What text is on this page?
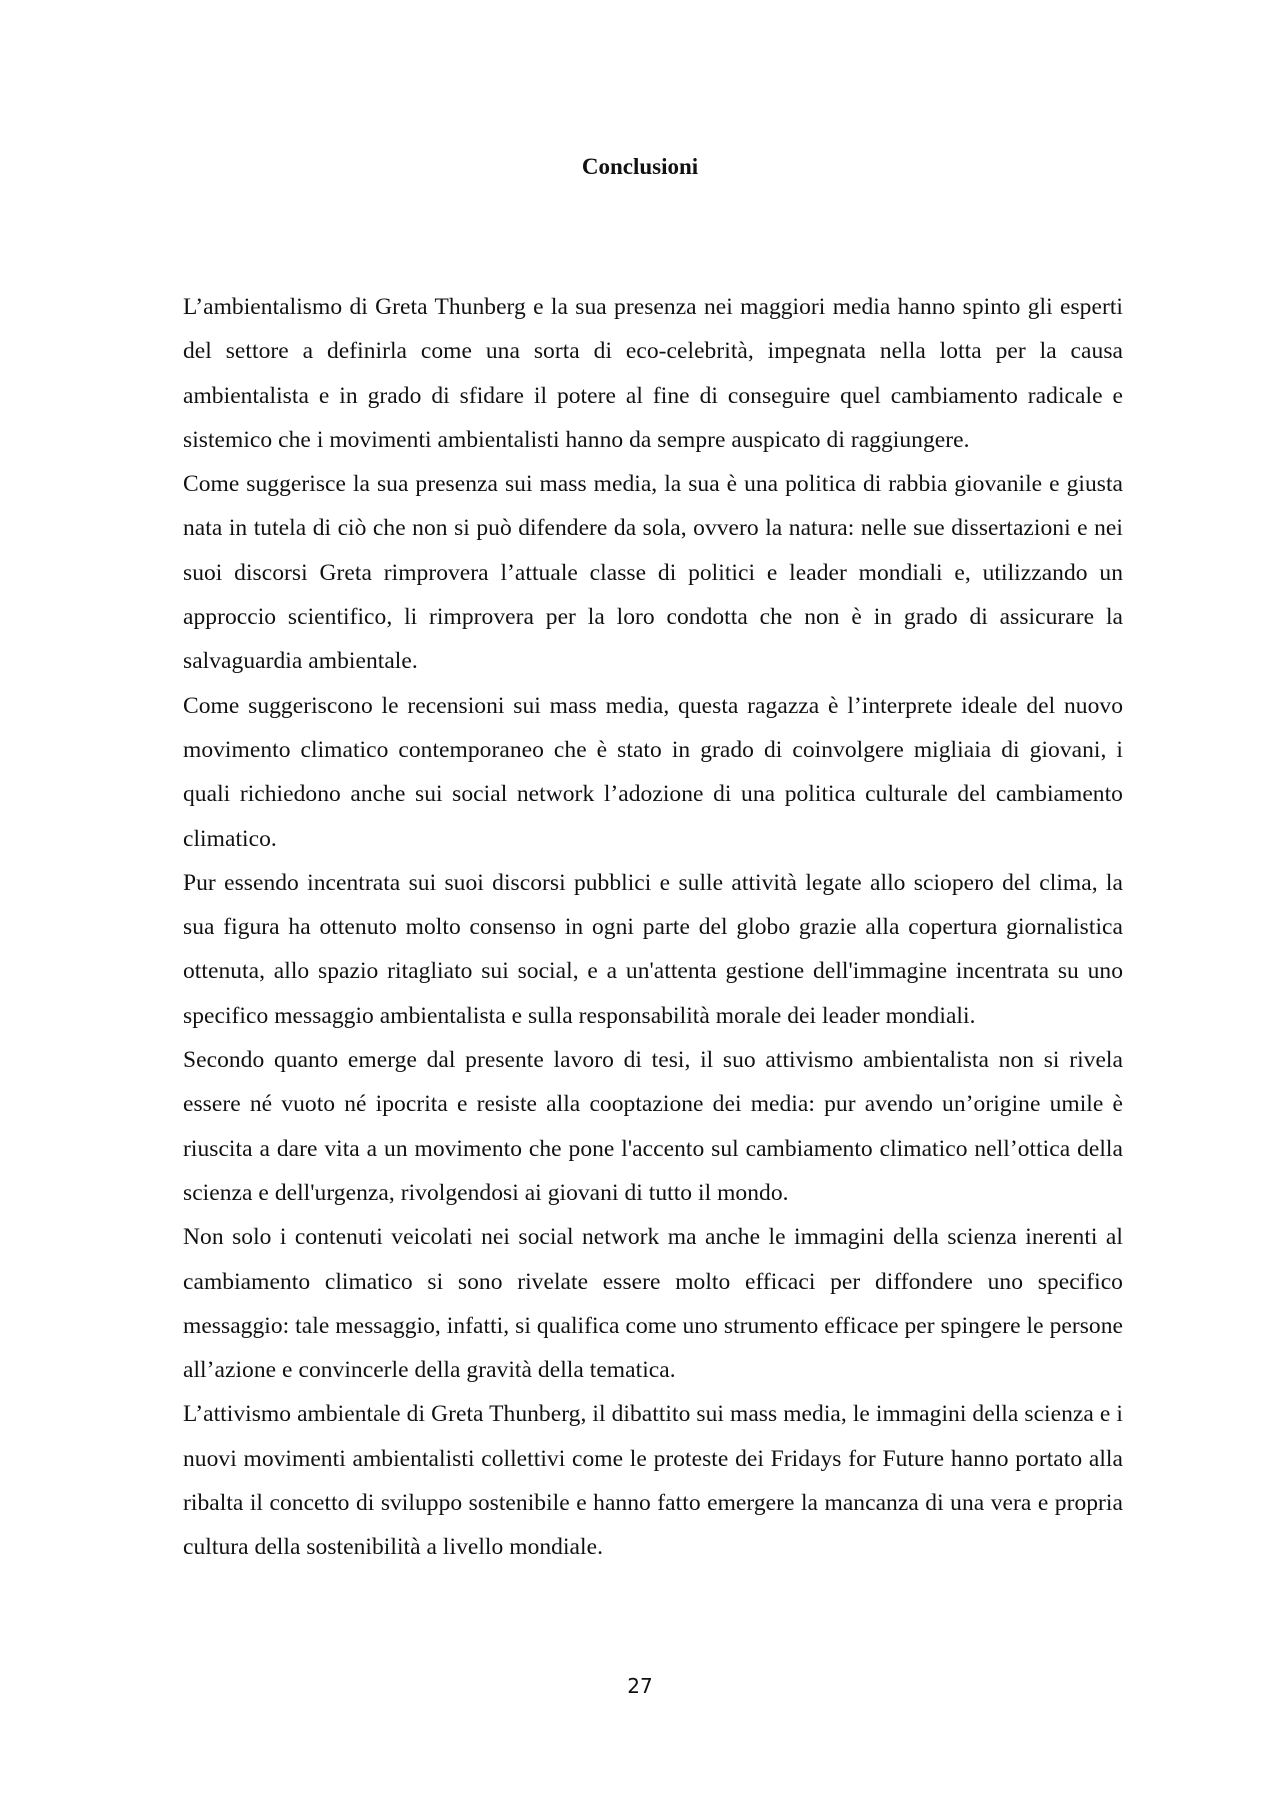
Conclusioni

L’ambientalismo di Greta Thunberg e la sua presenza nei maggiori media hanno spinto gli esperti del settore a definirla come una sorta di eco-celebrità, impegnata nella lotta per la causa ambientalista e in grado di sfidare il potere al fine di conseguire quel cambiamento radicale e sistemico che i movimenti ambientalisti hanno da sempre auspicato di raggiungere.

Come suggerisce la sua presenza sui mass media, la sua è una politica di rabbia giovanile e giusta nata in tutela di ciò che non si può difendere da sola, ovvero la natura: nelle sue dissertazioni e nei suoi discorsi Greta rimprovera l’attuale classe di politici e leader mondiali e, utilizzando un approccio scientifico, li rimprovera per la loro condotta che non è in grado di assicurare la salvaguardia ambientale.

Come suggeriscono le recensioni sui mass media, questa ragazza è l’interprete ideale del nuovo movimento climatico contemporaneo che è stato in grado di coinvolgere migliaia di giovani, i quali richiedono anche sui social network l’adozione di una politica culturale del cambiamento climatico.

Pur essendo incentrata sui suoi discorsi pubblici e sulle attività legate allo sciopero del clima, la sua figura ha ottenuto molto consenso in ogni parte del globo grazie alla copertura giornalistica ottenuta, allo spazio ritagliato sui social, e a un'attenta gestione dell'immagine incentrata su uno specifico messaggio ambientalista e sulla responsabilità morale dei leader mondiali.

Secondo quanto emerge dal presente lavoro di tesi, il suo attivismo ambientalista non si rivela essere né vuoto né ipocrita e resiste alla cooptazione dei media: pur avendo un’origine umile è riuscita a dare vita a un movimento che pone l'accento sul cambiamento climatico nell’ottica della scienza e dell'urgenza, rivolgendosi ai giovani di tutto il mondo.

Non solo i contenuti veicolati nei social network ma anche le immagini della scienza inerenti al cambiamento climatico si sono rivelate essere molto efficaci per diffondere uno specifico messaggio: tale messaggio, infatti, si qualifica come uno strumento efficace per spingere le persone all’azione e convincerle della gravità della tematica.

L’attivismo ambientale di Greta Thunberg, il dibattito sui mass media, le immagini della scienza e i nuovi movimenti ambientalisti collettivi come le proteste dei Fridays for Future hanno portato alla ribalta il concetto di sviluppo sostenibile e hanno fatto emergere la mancanza di una vera e propria cultura della sostenibilità a livello mondiale.

27
